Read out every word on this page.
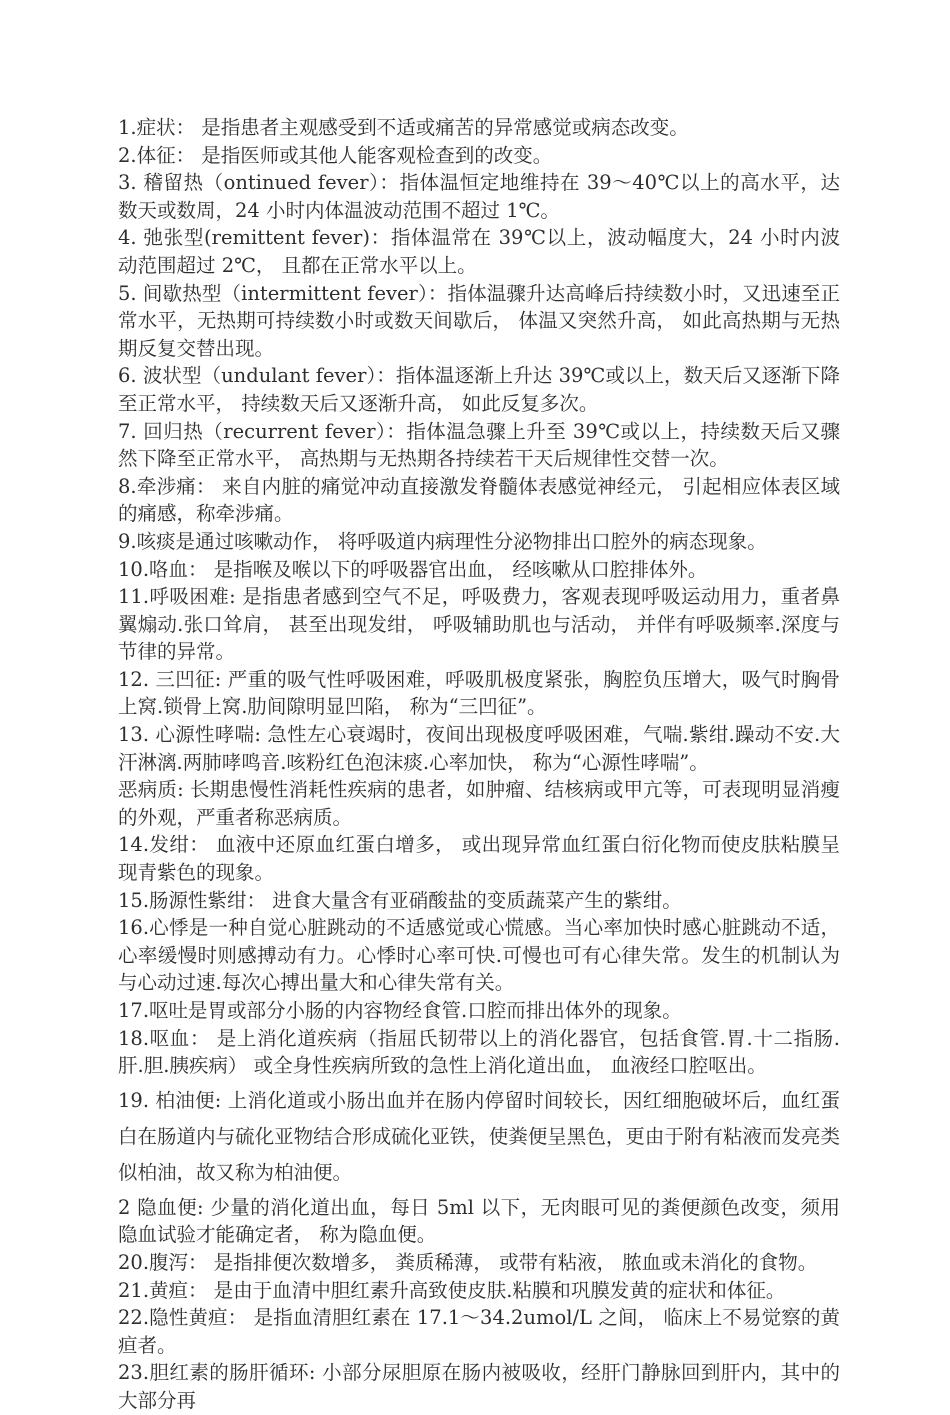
1.症状： 是指患者主观感受到不适或痛苦的异常感觉或病态改变。

2.体征： 是指医师或其他人能客观检查到的改变。

3. 稽留热（ontinued fever）：指体温恒定地维持在 39～40℃以上的高水平，达数天或数周，24 小时内体温波动范围不超过 1℃。

4. 弛张型(remittent fever)：指体温常在 39℃以上，波动幅度大，24 小时内波动范围超过 2℃， 且都在正常水平以上。

5. 间歇热型（intermittent fever）：指体温骤升达高峰后持续数小时，又迅速至正常水平，无热期可持续数小时或数天间歇后， 体温又突然升高， 如此高热期与无热期反复交替出现。

6. 波状型（undulant fever）：指体温逐渐上升达 39℃或以上，数天后又逐渐下降至正常水平， 持续数天后又逐渐升高， 如此反复多次。

7. 回归热（recurrent fever）：指体温急骤上升至 39℃或以上，持续数天后又骤然下降至正常水平， 高热期与无热期各持续若干天后规律性交替一次。

8.牵涉痛： 来自内脏的痛觉冲动直接激发脊髓体表感觉神经元， 引起相应体表区域的痛感，称牵涉痛。

9.咳痰是通过咳嗽动作， 将呼吸道内病理性分泌物排出口腔外的病态现象。

10.咯血： 是指喉及喉以下的呼吸器官出血， 经咳嗽从口腔排体外。

11.呼吸困难: 是指患者感到空气不足，呼吸费力，客观表现呼吸运动用力，重者鼻翼煽动.张口耸肩， 甚至出现发绀， 呼吸辅助肌也与活动， 并伴有呼吸频率.深度与节律的异常。

12. 三凹征: 严重的吸气性呼吸困难，呼吸肌极度紧张，胸腔负压增大，吸气时胸骨上窝.锁骨上窝.肋间隙明显凹陷， 称为“三凹征”。

13. 心源性哮喘: 急性左心衰竭时，夜间出现极度呼吸困难，气喘.紫绀.躁动不安.大汗淋漓.两肺哮鸣音.咳粉红色泡沫痰.心率加快， 称为“心源性哮喘”。

恶病质: 长期患慢性消耗性疾病的患者，如肿瘤、结核病或甲亢等，可表现明显消瘦的外观，严重者称恶病质。

14.发绀： 血液中还原血红蛋白增多， 或出现异常血红蛋白衍化物而使皮肤粘膜呈现青紫色的现象。

15.肠源性紫绀： 进食大量含有亚硝酸盐的变质蔬菜产生的紫绀。

16.心悸是一种自觉心脏跳动的不适感觉或心慌感。当心率加快时感心脏跳动不适，心率缓慢时则感搏动有力。心悸时心率可快.可慢也可有心律失常。发生的机制认为与心动过速.每次心搏出量大和心律失常有关。

17.呕吐是胃或部分小肠的内容物经食管.口腔而排出体外的现象。

18.呕血： 是上消化道疾病（指屈氏韧带以上的消化器官，包括食管.胃.十二指肠.肝.胆.胰疾病） 或全身性疾病所致的急性上消化道出血， 血液经口腔呕出。

19. 柏油便: 上消化道或小肠出血并在肠内停留时间较长，因红细胞破坏后，血红蛋白在肠道内与硫化亚物结合形成硫化亚铁，使粪便呈黑色，更由于附有粘液而发亮类似柏油，故又称为柏油便。

2 隐血便: 少量的消化道出血，每日 5ml 以下，无肉眼可见的粪便颜色改变，须用隐血试验才能确定者， 称为隐血便。

20.腹泻： 是指排便次数增多， 粪质稀薄， 或带有粘液， 脓血或未消化的食物。

21.黄疸： 是由于血清中胆红素升高致使皮肤.粘膜和巩膜发黄的症状和体征。

22.隐性黄疸： 是指血清胆红素在 17.1～34.2umol/L 之间， 临床上不易觉察的黄疸者。

23.胆红素的肠肝循环: 小部分尿胆原在肠内被吸收，经肝门静脉回到肝内，其中的大部分再
